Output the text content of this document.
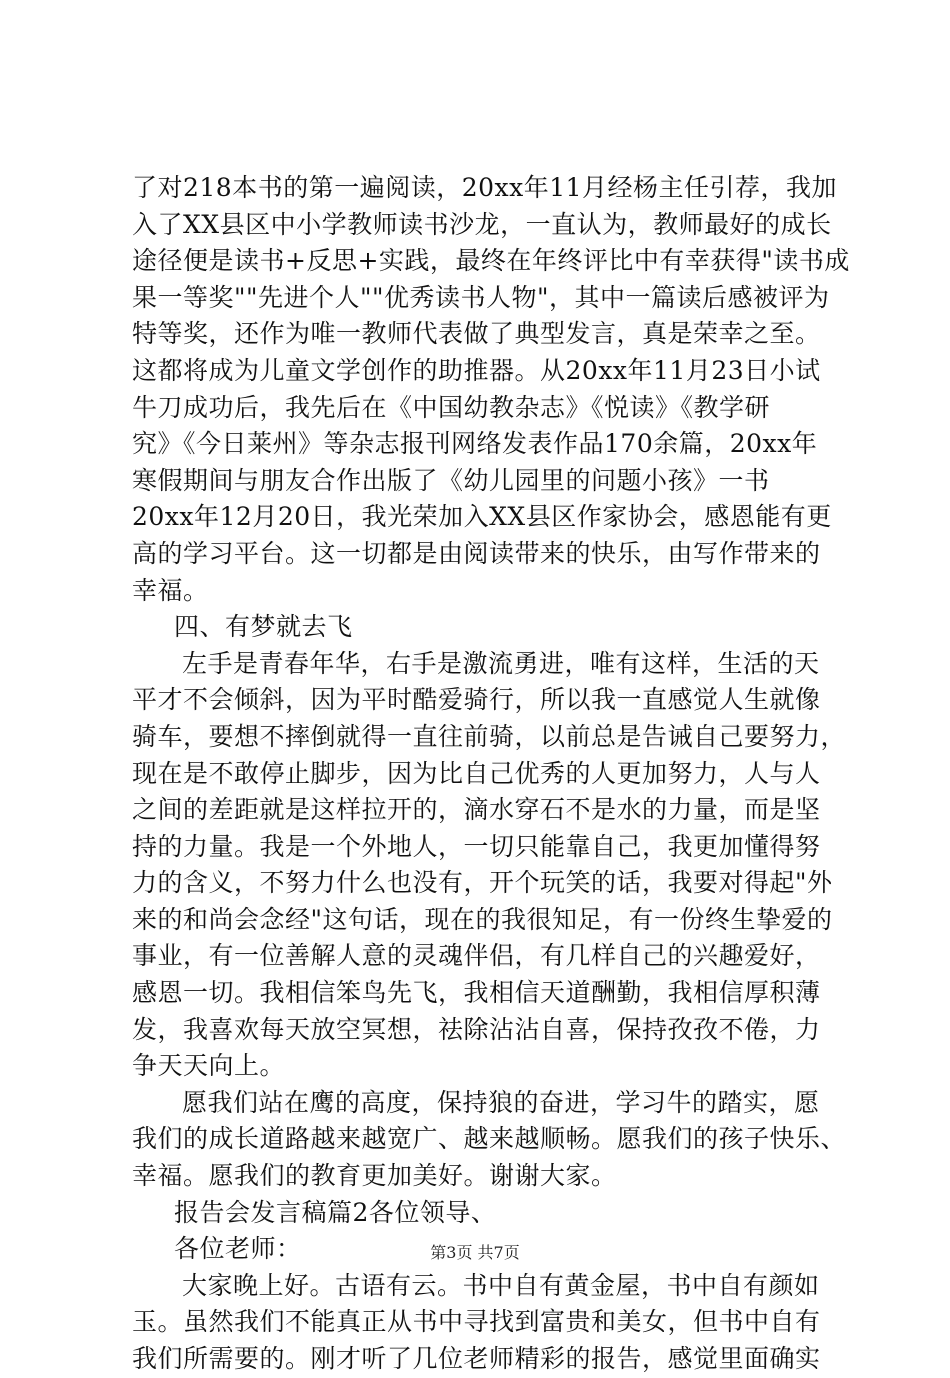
了对218本书的第一遍阅读，20xx年11月经杨主任引荐，我加
入了XX县区中小学教师读书沙龙，一直认为，教师最好的成长
途径便是读书+反思+实践，最终在年终评比中有幸获得"读书成
果一等奖""先进个人""优秀读书人物"，其中一篇读后感被评为
特等奖，还作为唯一教师代表做了典型发言，真是荣幸之至。
这都将成为儿童文学创作的助推器。从20xx年11月23日小试
牛刀成功后，我先后在《中国幼教杂志》《悦读》《教学研
究》《今日莱州》等杂志报刊网络发表作品170余篇，20xx年
寒假期间与朋友合作出版了《幼儿园里的问题小孩》一书
20xx年12月20日，我光荣加入XX县区作家协会，感恩能有更
高的学习平台。这一切都是由阅读带来的快乐，由写作带来的
幸福。
四、有梦就去飞
左手是青春年华，右手是激流勇进，唯有这样，生活的天
平才不会倾斜，因为平时酷爱骑行，所以我一直感觉人生就像
骑车，要想不摔倒就得一直往前骑，以前总是告诫自己要努力，
现在是不敢停止脚步，因为比自己优秀的人更加努力，人与人
之间的差距就是这样拉开的，滴水穿石不是水的力量，而是坚
持的力量。我是一个外地人，一切只能靠自己，我更加懂得努
力的含义，不努力什么也没有，开个玩笑的话，我要对得起"外
来的和尚会念经"这句话，现在的我很知足，有一份终生挚爱的
事业，有一位善解人意的灵魂伴侣，有几样自己的兴趣爱好，
感恩一切。我相信笨鸟先飞，我相信天道酬勤，我相信厚积薄
发，我喜欢每天放空冥想，祛除沾沾自喜，保持孜孜不倦，力
争天天向上。
愿我们站在鹰的高度，保持狼的奋进，学习牛的踏实，愿
我们的成长道路越来越宽广、越来越顺畅。愿我们的孩子快乐、
幸福。愿我们的教育更加美好。谢谢大家。
报告会发言稿篇2各位领导、
各位老师：
大家晚上好。古语有云。书中自有黄金屋，书中自有颜如
玉。虽然我们不能真正从书中寻找到富贵和美女，但书中自有
我们所需要的。刚才听了几位老师精彩的报告，感觉里面确实
第3页 共7页
